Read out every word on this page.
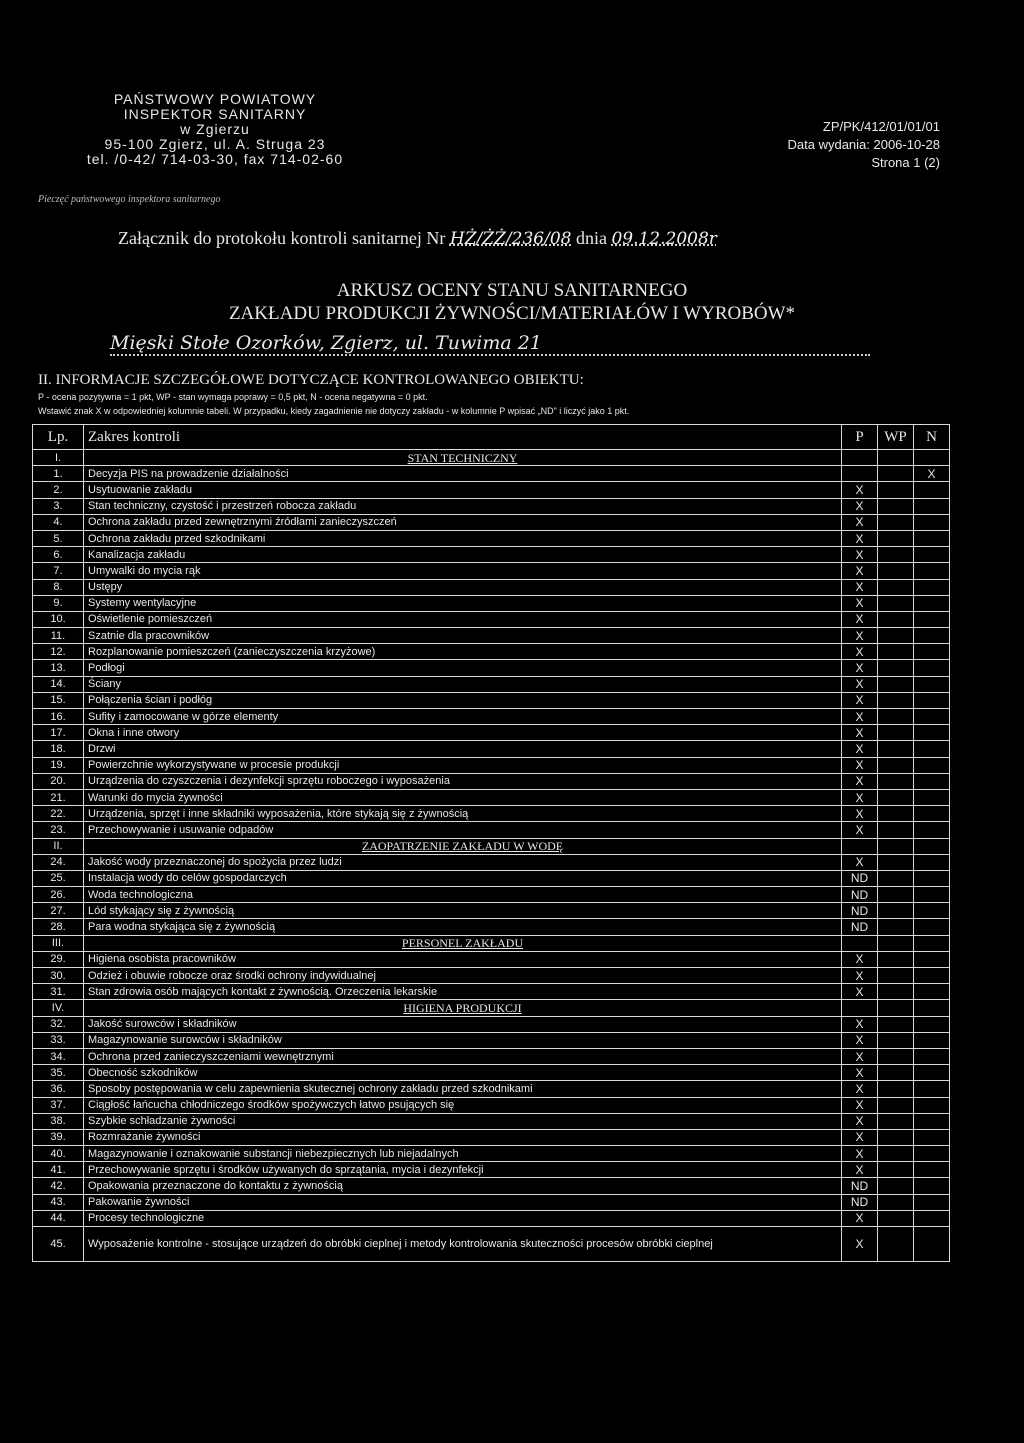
PAŃSTWOWY POWIATOWY
INSPEKTOR SANITARNY
w Zgierzu
95-100 Zgierz, ul. A. Struga 23
tel. /0-42/ 714-03-30, fax 714-02-60
ZP/PK/412/01/01/01
Data wydania: 2006-10-28
Strona 1 (2)
Pieczęć państwowego inspektora sanitarnego
Załącznik do protokołu kontroli sanitarnej Nr HŻ/ŻŻ/236/08 dnia 09.12.2008r
ARKUSZ OCENY STANU SANITARNEGO
ZAKŁADU PRODUKCJI ŻYWNOŚCI/MATERIAŁÓW I WYROBÓW*
Mięski Stołe Ozorków, Zgierz, ul. Tuwima 21
II. INFORMACJE SZCZEGÓŁOWE DOTYCZĄCE KONTROLOWANEGO OBIEKTU:
P - ocena pozytywna = 1 pkt, WP - stan wymaga poprawy = 0,5 pkt, N - ocena negatywna = 0 pkt.
Wstawić znak X w odpowiedniej kolumnie tabeli. W przypadku, kiedy zagadnienie nie dotyczy zakładu - w kolumnie P wpisać „ND" i liczyć jako 1 pkt.
Lp.	Zakres kontroli	P	WP	N
I.	STAN TECHNICZNY			
1.	Decyzja PIS na prowadzenie działalności			X
2.	Usytuowanie zakładu	X		
3.	Stan techniczny, czystość i przestrzeń robocza zakładu	X		
4.	Ochrona zakładu przed zewnętrznymi źródłami zanieczyszczeń	X		
5.	Ochrona zakładu przed szkodnikami	X		
6.	Kanalizacja zakładu	X		
7.	Umywalki do mycia rąk	X		
8.	Ustępy	X		
9.	Systemy wentylacyjne	X		
10.	Oświetlenie pomieszczeń	X		
11.	Szatnie dla pracowników	X		
12.	Rozplanowanie pomieszczeń (zanieczyszczenia krzyżowe)	X		
13.	Podłogi	X		
14.	Ściany	X		
15.	Połączenia ścian i podłóg	X		
16.	Sufity i zamocowane w górze elementy	X		
17.	Okna i inne otwory	X		
18.	Drzwi	X		
19.	Powierzchnie wykorzystywane w procesie produkcji	X		
20.	Urządzenia do czyszczenia i dezynfekcji sprzętu roboczego i wyposażenia	X		
21.	Warunki do mycia żywności	X		
22.	Urządzenia, sprzęt i inne składniki wyposażenia, które stykają się z żywnością	X		
23.	Przechowywanie i usuwanie odpadów	X		
II.	ZAOPATRZENIE ZAKŁADU W WODĘ			
24.	Jakość wody przeznaczonej do spożycia przez ludzi	X		
25.	Instalacja wody do celów gospodarczych	ND		
26.	Woda technologiczna	ND		
27.	Lód stykający się z żywnością	ND		
28.	Para wodna stykająca się z żywnością	ND		
III.	PERSONEL ZAKŁADU			
29.	Higiena osobista pracowników	X		
30.	Odzież i obuwie robocze oraz środki ochrony indywidualnej	X		
31.	Stan zdrowia osób mających kontakt z żywnością. Orzeczenia lekarskie	X		
IV.	HIGIENA PRODUKCJI			
32.	Jakość surowców i składników	X		
33.	Magazynowanie surowców i składników	X		
34.	Ochrona przed zanieczyszczeniami wewnętrznymi	X		
35.	Obecność szkodników	X		
36.	Sposoby postępowania w celu zapewnienia skutecznej ochrony zakładu przed szkodnikami	X		
37.	Ciągłość łańcucha chłodniczego środków spożywczych łatwo psujących się	X		
38.	Szybkie schładzanie żywności	X		
39.	Rozmrażanie żywności	X		
40.	Magazynowanie i oznakowanie substancji niebezpiecznych lub niejadalnych	X		
41.	Przechowywanie sprzętu i środków używanych do sprzątania, mycia i dezynfekcji	X		
42.	Opakowania przeznaczone do kontaktu z żywnością	ND		
43.	Pakowanie żywności	ND		
44.	Procesy technologiczne	X		
45.	Wyposażenie kontrolne - stosujące urządzeń do obróbki cieplnej i metody kontrolowania skuteczności procesów obróbki cieplnej	X		
